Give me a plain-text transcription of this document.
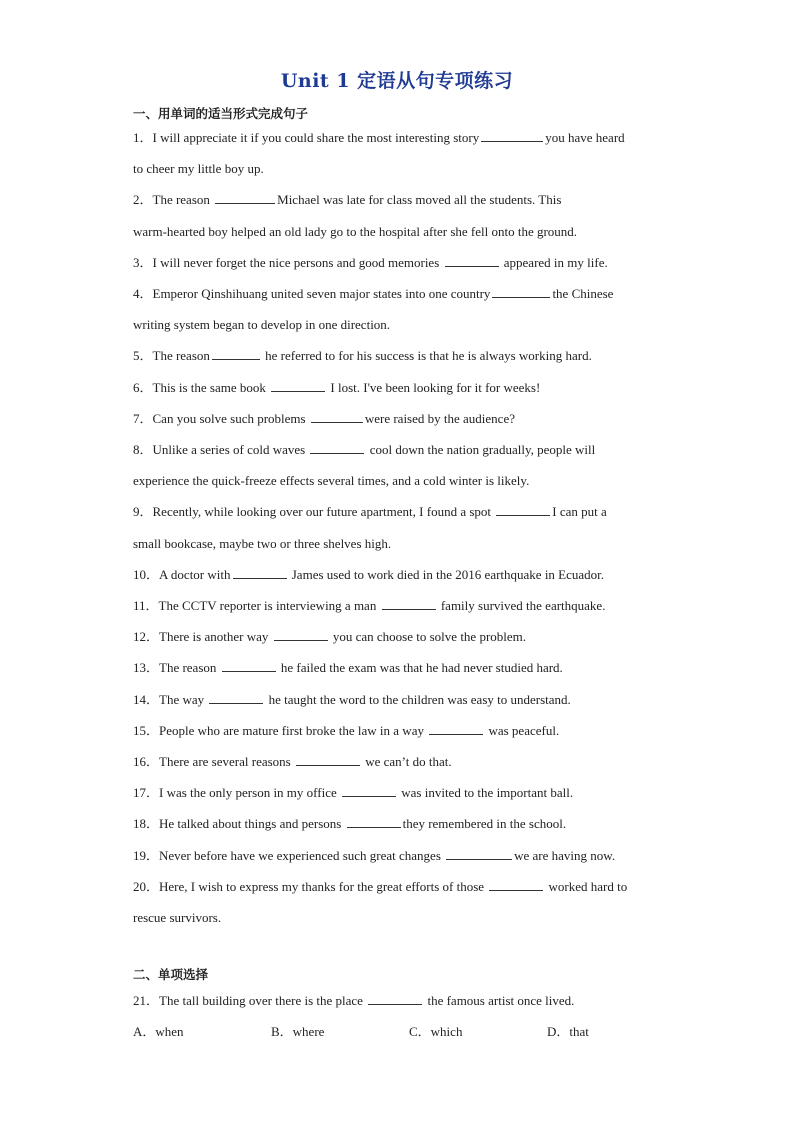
Unit 1 定语从句专项练习
一、用单词的适当形式完成句子
1．I will appreciate it if you could share the most interesting story	you have heard
to cheer my little boy up.
2．The reason	Michael was late for class moved all the students. This
warm-hearted boy helped an old lady go to the hospital after she fell onto the ground.
3．I will never forget the nice persons and good memories	appeared in my life.
4．Emperor Qinshihuang united seven major states into one country	the Chinese
writing system began to develop in one direction.
5．The reason	he referred to for his success is that he is always working hard.
6．This is the same book	I lost. I've been looking for it for weeks!
7．Can you solve such problems	were raised by the audience?
8．Unlike a series of cold waves	cool down the nation gradually, people will
experience the quick-freeze effects several times, and a cold winter is likely.
9．Recently, while looking over our future apartment, I found a spot	I can put a
small bookcase, maybe two or three shelves high.
10．A doctor with	James used to work died in the 2016 earthquake in Ecuador.
11．The CCTV reporter is interviewing a man	family survived the earthquake.
12．There is another way	you can choose to solve the problem.
13．The reason	he failed the exam was that he had never studied hard.
14．The way	he taught the word to the children was easy to understand.
15．People who are mature first broke the law in a way	was peaceful.
16．There are several reasons	we can’t do that.
17．I was the only person in my office	was invited to the important ball.
18．He talked about things and persons	they remembered in the school.
19．Never before have we experienced such great changes	we are having now.
20．Here, I wish to express my thanks for the great efforts of those	worked hard to
rescue survivors.
二、单项选择
21．The tall building over there is the place	the famous artist once lived.
A．when	B．where	C．which	D．that
